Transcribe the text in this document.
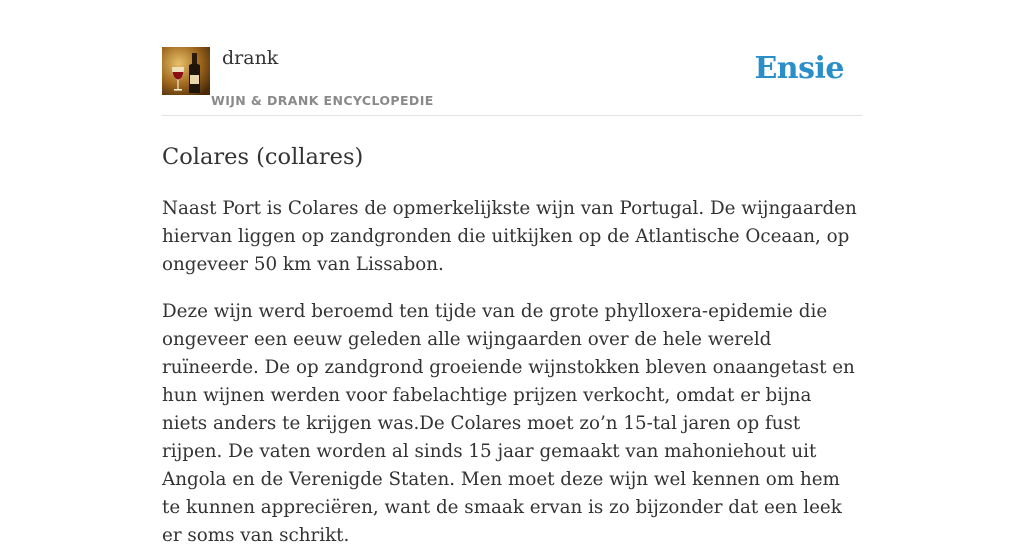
drank
WIJN & DRANK ENCYCLOPEDIE
Ensie
Colares (collares)

Naast Port is Colares de opmerkelijkste wijn van Portugal. De wijngaarden hiervan liggen op zandgronden die uitkijken op de Atlantische Oceaan, op ongeveer 50 km van Lissabon.

Deze wijn werd beroemd ten tijde van de grote phylloxera-epidemie die ongeveer een eeuw geleden alle wijngaarden over de hele wereld ruïneerde. De op zandgrond groeiende wijnstokken bleven onaangetast en hun wijnen werden voor fabelachtige prijzen verkocht, omdat er bijna niets anders te krijgen was.De Colares moet zo’n 15-tal jaren op fust rijpen. De vaten worden al sinds 15 jaar gemaakt van mahoniehout uit Angola en de Verenigde Staten. Men moet deze wijn wel kennen om hem te kunnen appreciëren, want de smaak ervan is zo bijzonder dat een leek er soms van schrikt.
